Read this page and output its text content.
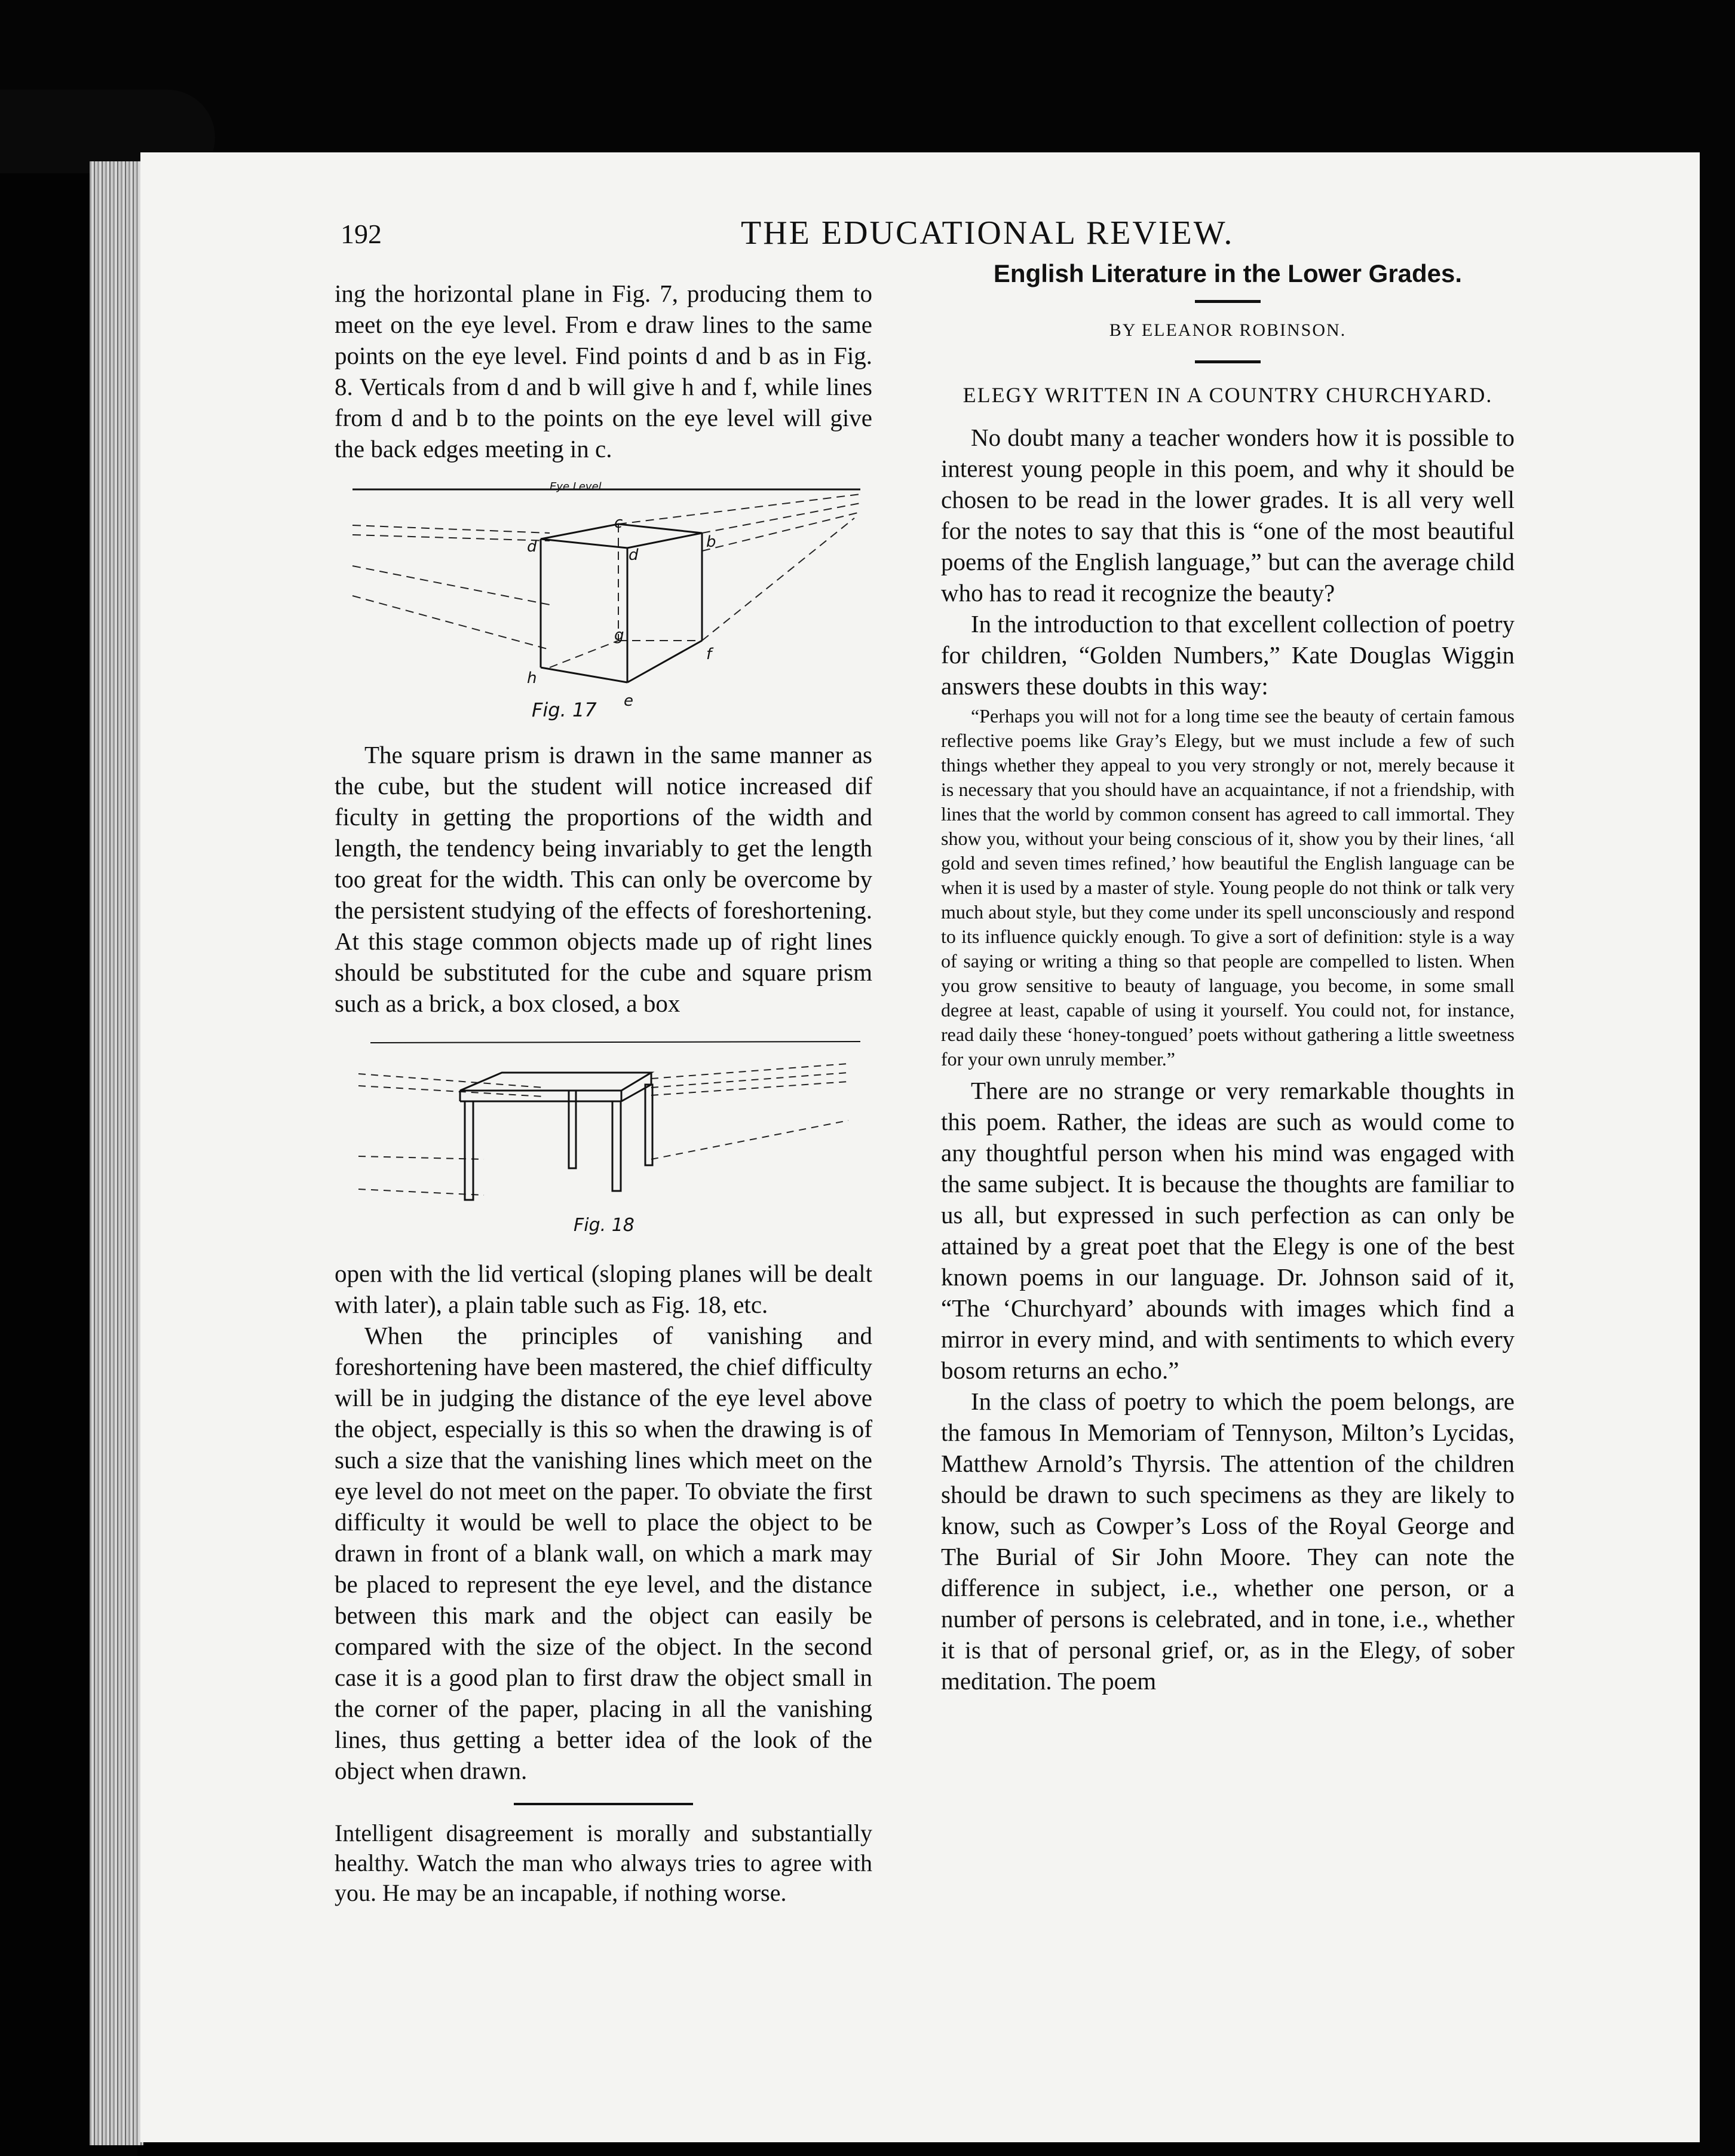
192	THE EDUCATIONAL REVIEW.

ing the horizontal plane in Fig. 7, producing them to meet on the eye level. From e draw lines to the same points on the eye level. Find points d and b as in Fig. 8. Verticals from d and b will give h and f, while lines from d and b to the points on the eye level will give the back edges meeting in c.

Eye Level
c
d	d
b
g
h
f
e
Fig. 17

The square prism is drawn in the same manner as the cube, but the student will notice increased dif ficulty in getting the proportions of the width and length, the tendency being invariably to get the length too great for the width. This can only be overcome by the persistent studying of the effects of foreshortening. At this stage common objects made up of right lines should be substituted for the cube and square prism such as a brick, a box closed, a box

Fig. 18

open with the lid vertical (sloping planes will be dealt with later), a plain table such as Fig. 18, etc.

When the principles of vanishing and foreshortening have been mastered, the chief difficulty will be in judging the distance of the eye level above the object, especially is this so when the drawing is of such a size that the vanishing lines which meet on the eye level do not meet on the paper. To obviate the first difficulty it would be well to place the object to be drawn in front of a blank wall, on which a mark may be placed to represent the eye level, and the distance between this mark and the object can easily be compared with the size of the object. In the second case it is a good plan to first draw the object small in the corner of the paper, placing in all the vanishing lines, thus getting a better idea of the look of the object when drawn.

Intelligent disagreement is morally and substantially healthy. Watch the man who always tries to agree with you. He may be an incapable, if nothing worse.

English Literature in the Lower Grades.
BY ELEANOR ROBINSON.
ELEGY WRITTEN IN A COUNTRY CHURCHYARD.

No doubt many a teacher wonders how it is possible to interest young people in this poem, and why it should be chosen to be read in the lower grades. It is all very well for the notes to say that this is “one of the most beautiful poems of the English language,” but can the average child who has to read it recognize the beauty?

In the introduction to that excellent collection of poetry for children, “Golden Numbers,” Kate Douglas Wiggin answers these doubts in this way:

“Perhaps you will not for a long time see the beauty of certain famous reflective poems like Gray’s Elegy, but we must include a few of such things whether they appeal to you very strongly or not, merely because it is necessary that you should have an acquaintance, if not a friendship, with lines that the world by common consent has agreed to call immortal. They show you, without your being conscious of it, show you by their lines, ‘all gold and seven times refined,’ how beautiful the English language can be when it is used by a master of style. Young people do not think or talk very much about style, but they come under its spell unconsciously and respond to its influence quickly enough. To give a sort of definition: style is a way of saying or writing a thing so that people are compelled to listen. When you grow sensitive to beauty of language, you become, in some small degree at least, capable of using it yourself. You could not, for instance, read daily these ‘honey-tongued’ poets without gathering a little sweetness for your own unruly member.”

There are no strange or very remarkable thoughts in this poem. Rather, the ideas are such as would come to any thoughtful person when his mind was engaged with the same subject. It is because the thoughts are familiar to us all, but expressed in such perfection as can only be attained by a great poet that the Elegy is one of the best known poems in our language. Dr. Johnson said of it, “The ‘Churchyard’ abounds with images which find a mirror in every mind, and with sentiments to which every bosom returns an echo.”

In the class of poetry to which the poem belongs, are the famous In Memoriam of Tennyson, Milton’s Lycidas, Matthew Arnold’s Thyrsis. The attention of the children should be drawn to such specimens as they are likely to know, such as Cowper’s Loss of the Royal George and The Burial of Sir John Moore. They can note the difference in subject, i.e., whether one person, or a number of persons is celebrated, and in tone, i.e., whether it is that of personal grief, or, as in the Elegy, of sober meditation. The poem
